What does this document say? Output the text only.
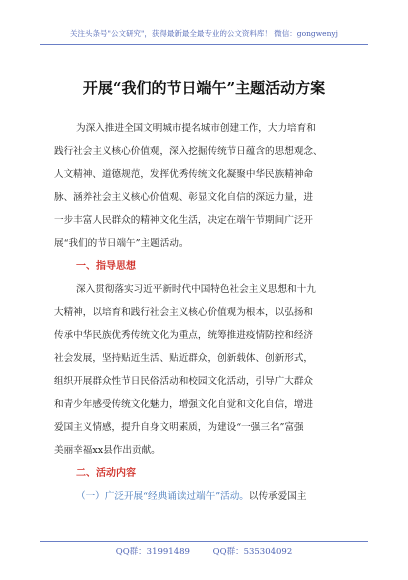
关注头条号"公文研究"，获得最新最全最专业的公文资料库！ 微信：gongwenyj
开展“我们的节日端午”主题活动方案
为深入推进全国文明城市提名城市创建工作，大力培育和
践行社会主义核心价值观，深入挖掘传统节日蕴含的思想观念、
人文精神、道德规范，发挥优秀传统文化凝聚中华民族精神命
脉、涵养社会主义核心价值观、彰显文化自信的深远力量，进
一步丰富人民群众的精神文化生活，决定在端午节期间广泛开
展“我们的节日端午”主题活动。
一、指导思想
深入贯彻落实习近平新时代中国特色社会主义思想和十九
大精神，以培育和践行社会主义核心价值观为根本，以弘扬和
传承中华民族优秀传统文化为重点，统筹推进疫情防控和经济
社会发展，坚持贴近生活、贴近群众，创新载体、创新形式，
组织开展群众性节日民俗活动和校园文化活动，引导广大群众
和青少年感受传统文化魅力，增强文化自觉和文化自信，增进
爱国主义情感，提升自身文明素质，为建设“一强三名”富强
美丽幸福xx县作出贡献。
二、活动内容
（一）广泛开展“经典诵读过端午”活动。以传承爱国主
QQ群：31991489	QQ群：535304092
